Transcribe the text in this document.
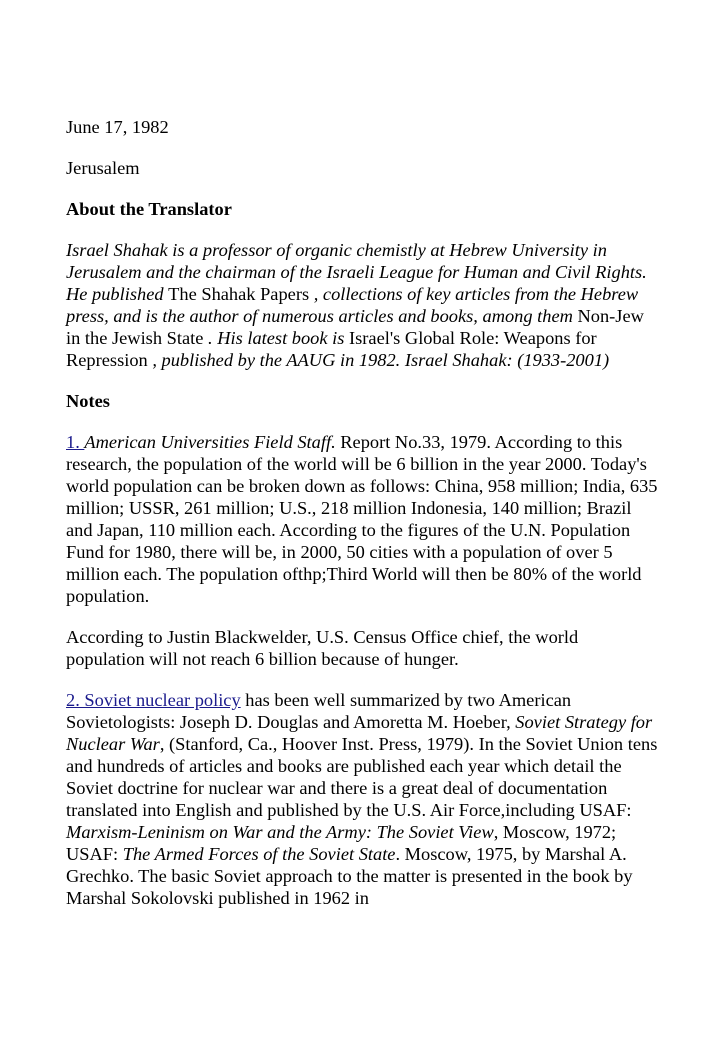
June 17, 1982

Jerusalem

About the Translator

Israel Shahak is a professor of organic chemistly at Hebrew University in Jerusalem and the chairman of the Israeli League for Human and Civil Rights. He published The Shahak Papers , collections of key articles from the Hebrew press, and is the author of numerous articles and books, among them Non-Jew in the Jewish State . His latest book is Israel's Global Role: Weapons for Repression , published by the AAUG in 1982. Israel Shahak: (1933-2001)

Notes

1. American Universities Field Staff. Report No.33, 1979. According to this research, the population of the world will be 6 billion in the year 2000. Today's world population can be broken down as follows: China, 958 million; India, 635 million; USSR, 261 million; U.S., 218 million Indonesia, 140 million; Brazil and Japan, 110 million each. According to the figures of the U.N. Population Fund for 1980, there will be, in 2000, 50 cities with a population of over 5 million each. The population ofthp;Third World will then be 80% of the world population.

According to Justin Blackwelder, U.S. Census Office chief, the world population will not reach 6 billion because of hunger.

2. Soviet nuclear policy has been well summarized by two American Sovietologists: Joseph D. Douglas and Amoretta M. Hoeber, Soviet Strategy for Nuclear War, (Stanford, Ca., Hoover Inst. Press, 1979). In the Soviet Union tens and hundreds of articles and books are published each year which detail the Soviet doctrine for nuclear war and there is a great deal of documentation translated into English and published by the U.S. Air Force,including USAF: Marxism-Leninism on War and the Army: The Soviet View, Moscow, 1972; USAF: The Armed Forces of the Soviet State. Moscow, 1975, by Marshal A. Grechko. The basic Soviet approach to the matter is presented in the book by Marshal Sokolovski published in 1962 in
